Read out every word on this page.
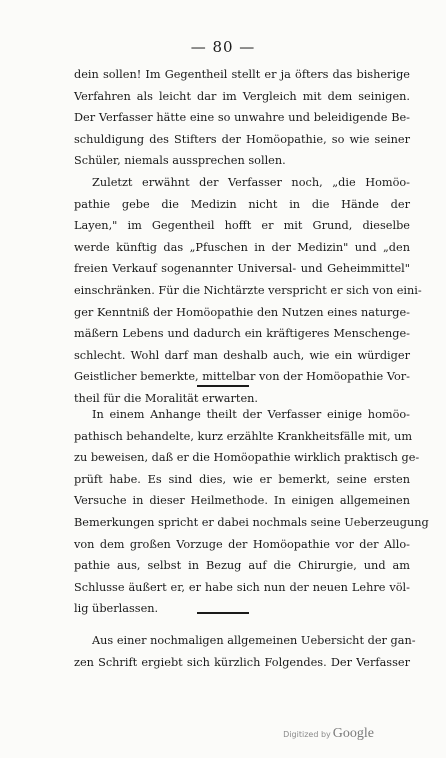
— 80 —
dein sollen! Im Gegentheil stellt er ja öfters das bisherige
Verfahren als leicht dar im Vergleich mit dem seinigen.
Der Verfasser hätte eine so unwahre und beleidigende Be-
schuldigung des Stifters der Homöopathie, so wie seiner
Schüler, niemals aussprechen sollen.
Zuletzt erwähnt der Verfasser noch, „die Homöo-
pathie gebe die Medizin nicht in die Hände der
Layen," im Gegentheil hofft er mit Grund, dieselbe
werde künftig das „Pfuschen in der Medizin" und „den
freien Verkauf sogenannter Universal- und Geheimmittel"
einschränken. Für die Nichtärzte verspricht er sich von eini-
ger Kenntniß der Homöopathie den Nutzen eines naturge-
mäßern Lebens und dadurch ein kräftigeres Menschenge-
schlecht. Wohl darf man deshalb auch, wie ein würdiger
Geistlicher bemerkte, mittelbar von der Homöopathie Vor-
theil für die Moralität erwarten.
In einem Anhange theilt der Verfasser einige homöo-
pathisch behandelte, kurz erzählte Krankheitsfälle mit, um
zu beweisen, daß er die Homöopathie wirklich praktisch ge-
prüft habe. Es sind dies, wie er bemerkt, seine ersten
Versuche in dieser Heilmethode. In einigen allgemeinen
Bemerkungen spricht er dabei nochmals seine Ueberzeugung
von dem großen Vorzuge der Homöopathie vor der Allo-
pathie aus, selbst in Bezug auf die Chirurgie, und am
Schlusse äußert er, er habe sich nun der neuen Lehre völ-
lig überlassen.
Aus einer nochmaligen allgemeinen Uebersicht der gan-
zen Schrift ergiebt sich kürzlich Folgendes. Der Verfasser
Digitized by Google
